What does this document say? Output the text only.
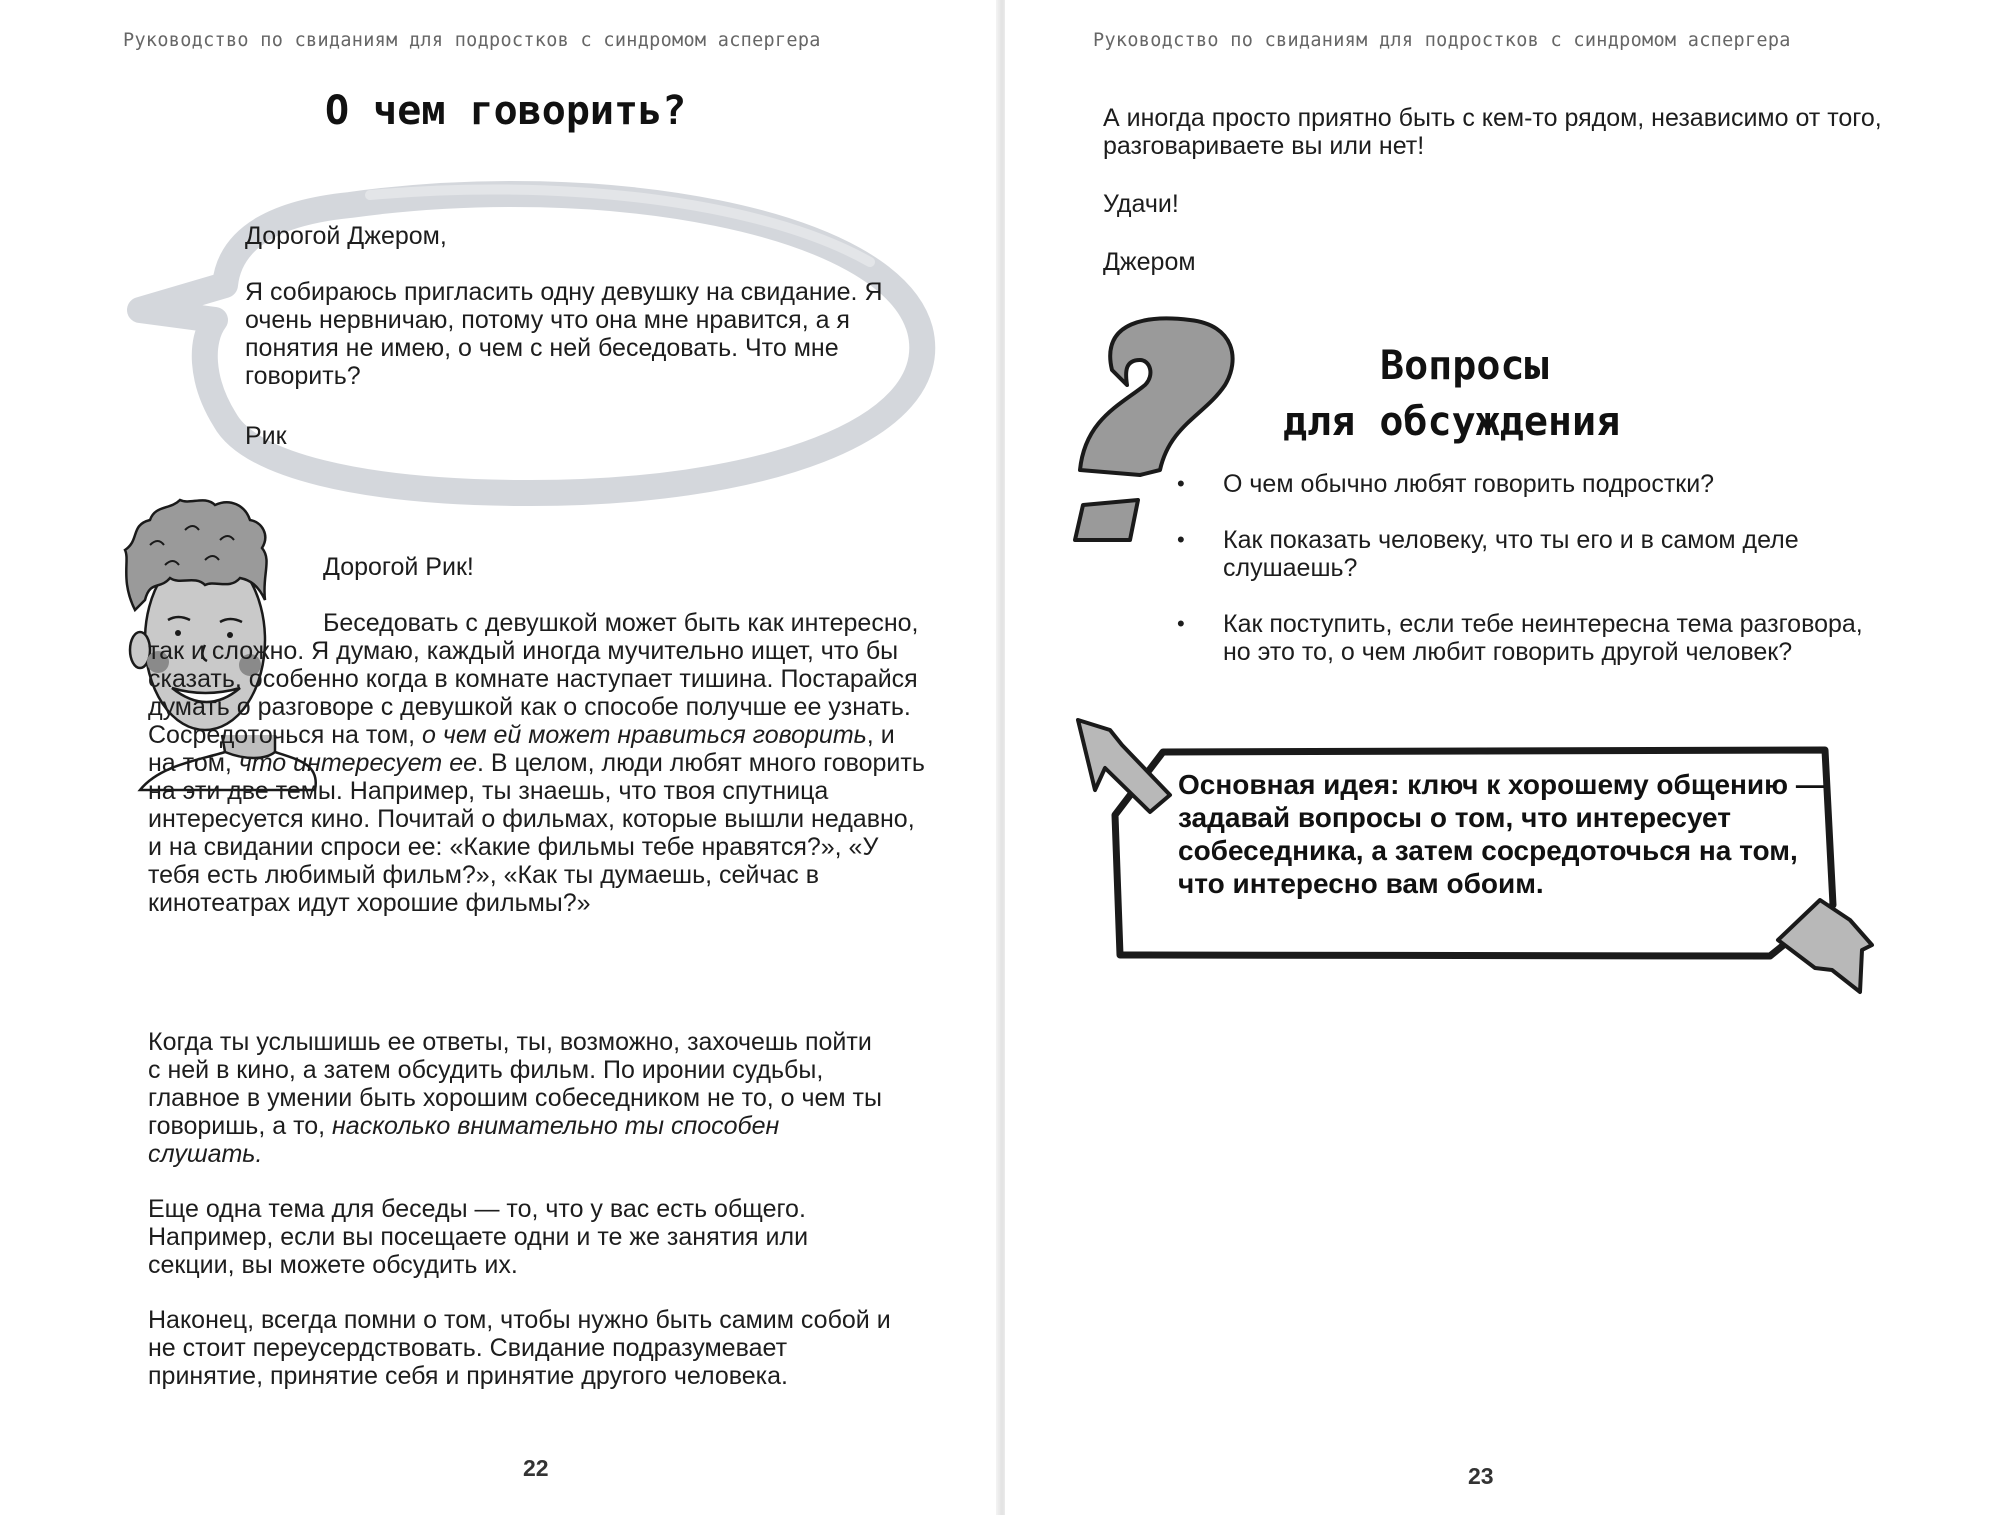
Руководство по свиданиям для подростков с синдромом аспергера
О чем говорить?

Дорогой Джером,

Я собираюсь пригласить одну девушку на свидание. Я очень нервничаю, потому что она мне нравится, а я понятия не имею, о чем с ней беседовать. Что мне говорить?

Рик

Дорогой Рик!

Беседовать с девушкой может быть как интересно, так и сложно. Я думаю, каждый иногда мучительно ищет, что бы сказать, особенно когда в комнате наступает тишина. Постарайся думать о разговоре с девушкой как о способе получше ее узнать. Сосредоточься на том, о чем ей может нравиться говорить, и на том, что интересует ее. В целом, люди любят много говорить на эти две темы. Например, ты знаешь, что твоя спутница интересуется кино. Почитай о фильмах, которые вышли недавно, и на свидании спроси ее: «Какие фильмы тебе нравятся?», «У тебя есть любимый фильм?», «Как ты думаешь, сейчас в кинотеатрах идут хорошие фильмы?»

Когда ты услышишь ее ответы, ты, возможно, захочешь пойти с ней в кино, а затем обсудить фильм. По иронии судьбы, главное в умении быть хорошим собеседником не то, о чем ты говоришь, а то, насколько внимательно ты способен слушать.

Еще одна тема для беседы — то, что у вас есть общего. Например, если вы посещаете одни и те же занятия или секции, вы можете обсудить их.

Наконец, всегда помни о том, чтобы нужно быть самим собой и не стоит переусердствовать. Свидание подразумевает принятие, принятие себя и принятие другого человека.

22
Руководство по свиданиям для подростков с синдромом аспергера

А иногда просто приятно быть с кем-то рядом, независимо от того, разговариваете вы или нет!

Удачи!

Джером

Вопросы
для обсуждения
• О чем обычно любят говорить подростки?
• Как показать человеку, что ты его и в самом деле слушаешь?
• Как поступить, если тебе неинтересна тема разговора, но это то, о чем любит говорить другой человек?
Основная идея: ключ к хорошему общению — задавай вопросы о том, что интересует собеседника, а затем сосредоточься на том, что интересно вам обоим.
23
